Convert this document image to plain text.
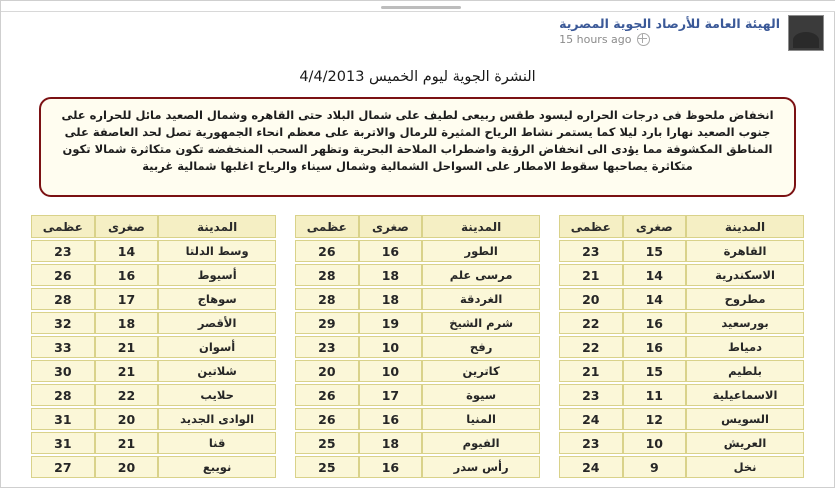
الهيئة العامة للأرصاد الجوية المصرية
15 hours ago
النشرة الجوية ليوم الخميس 4/4/2013

انخفاض ملحوظ فى درجات الحراره ليسود طقس ربيعى لطيف على شمال البلاد حتى القاهره وشمال الصعيد مائل للحراره على جنوب الصعيد نهارا بارد ليلا كما يستمر نشاط الرياح المثيرة للرمال والاتربة على معظم انحاء الجمهورية تصل لحد العاصفة على المناطق المكشوفة مما يؤدى الى انخفاض الرؤية واضطراب الملاحة البحرية وتظهر السحب المنخفضه تكون متكاثرة شمالا تكون متكاثرة يصاحبها سقوط الامطار على السواحل الشمالية وشمال سيناء والرياح اغلبها شمالية غربية

المدينة	صغرى	عظمى
القاهرة	15	23
الاسكندرية	14	21
مطروح	14	20
بورسعيد	16	22
دمياط	16	22
بلطيم	15	21
الاسماعيلية	11	23
السويس	12	24
العريش	10	23
نخل	9	24
المدينة	صغرى	عظمى
الطور	16	26
مرسى علم	18	28
الغردقة	18	28
شرم الشيخ	19	29
رفح	10	23
كاترين	10	20
سيوة	17	26
المنيا	16	26
الفيوم	18	25
رأس سدر	16	25
المدينة	صغرى	عظمى
وسط الدلتا	14	23
أسيوط	16	26
سوهاج	17	28
الأقصر	18	32
أسوان	21	33
شلاتين	21	30
حلايب	22	28
الوادى الجديد	20	31
قنا	21	31
نويبع	20	27
